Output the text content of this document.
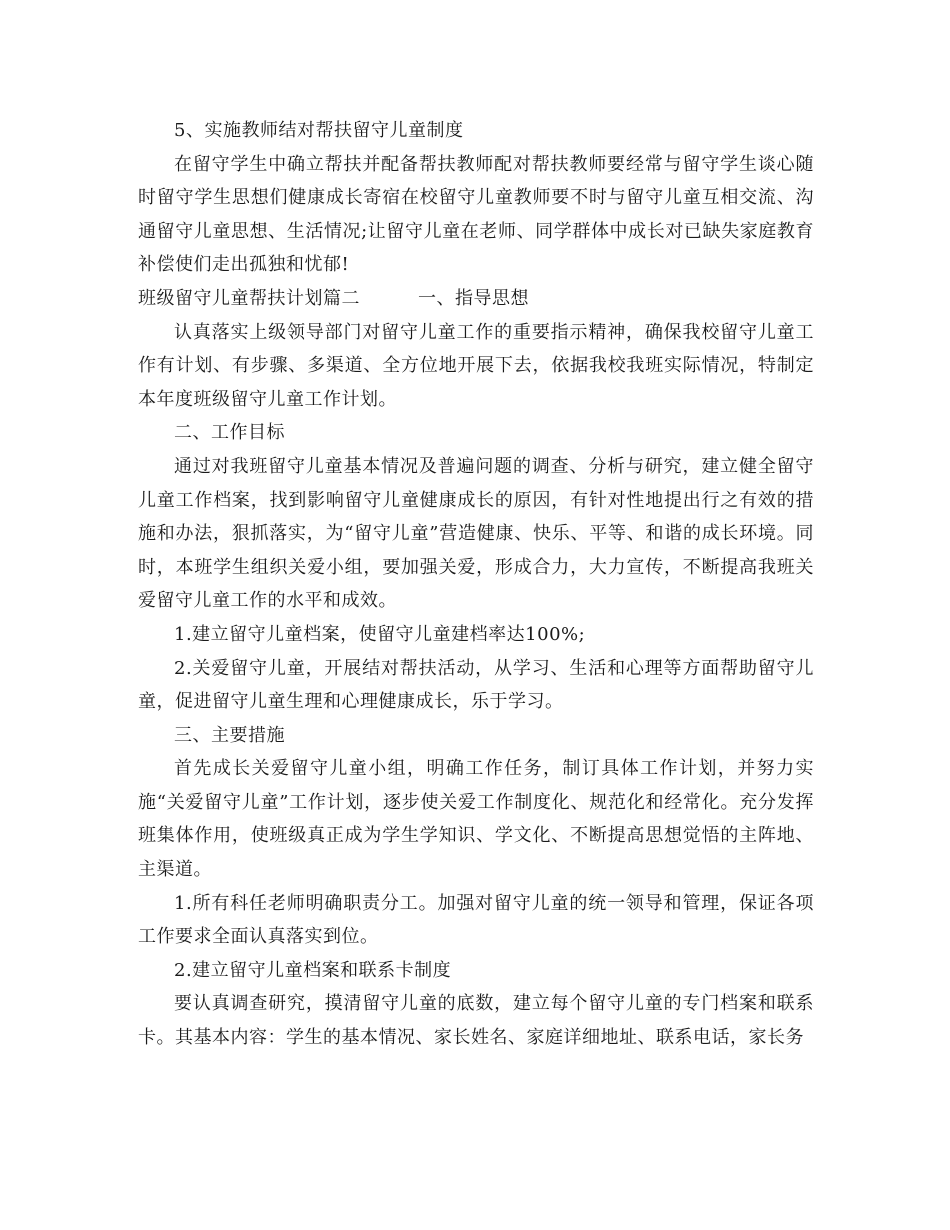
5、实施教师结对帮扶留守儿童制度

在留守学生中确立帮扶并配备帮扶教师配对帮扶教师要经常与留守学生谈心随时留守学生思想们健康成长寄宿在校留守儿童教师要不时与留守儿童互相交流、沟通留守儿童思想、生活情况;让留守儿童在老师、同学群体中成长对已缺失家庭教育补偿使们走出孤独和忧郁!

班级留守儿童帮扶计划篇二	一、指导思想

认真落实上级领导部门对留守儿童工作的重要指示精神，确保我校留守儿童工作有计划、有步骤、多渠道、全方位地开展下去，依据我校我班实际情况，特制定本年度班级留守儿童工作计划。

二、工作目标

通过对我班留守儿童基本情况及普遍问题的调查、分析与研究，建立健全留守儿童工作档案，找到影响留守儿童健康成长的原因，有针对性地提出行之有效的措施和办法，狠抓落实，为“留守儿童”营造健康、快乐、平等、和谐的成长环境。同时，本班学生组织关爱小组，要加强关爱，形成合力，大力宣传，不断提高我班关爱留守儿童工作的水平和成效。

1.建立留守儿童档案，使留守儿童建档率达100%;

2.关爱留守儿童，开展结对帮扶活动，从学习、生活和心理等方面帮助留守儿童，促进留守儿童生理和心理健康成长，乐于学习。

三、主要措施

首先成长关爱留守儿童小组，明确工作任务，制订具体工作计划，并努力实施“关爱留守儿童”工作计划，逐步使关爱工作制度化、规范化和经常化。充分发挥班集体作用，使班级真正成为学生学知识、学文化、不断提高思想觉悟的主阵地、主渠道。

1.所有科任老师明确职责分工。加强对留守儿童的统一领导和管理，保证各项工作要求全面认真落实到位。

2.建立留守儿童档案和联系卡制度

要认真调查研究，摸清留守儿童的底数，建立每个留守儿童的专门档案和联系卡。其基本内容：学生的基本情况、家长姓名、家庭详细地址、联系电话，家长务
